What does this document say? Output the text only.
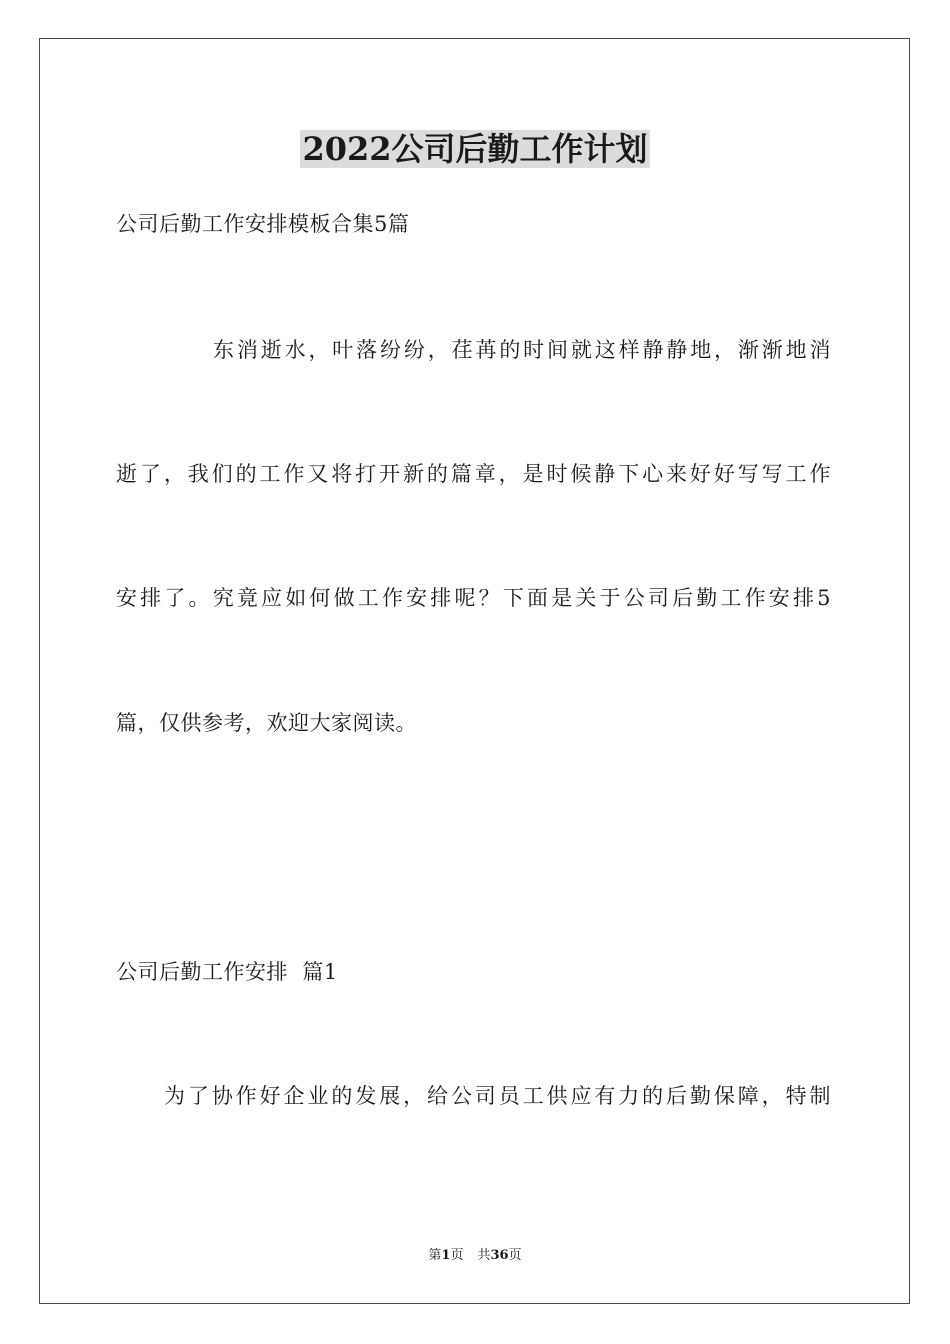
2022公司后勤工作计划
公司后勤工作安排模板合集5篇
东消逝水，叶落纷纷，荏苒的时间就这样静静地，渐渐地消
逝了，我们的工作又将打开新的篇章，是时候静下心来好好写写工作
安排了。究竟应如何做工作安排呢？下面是关于公司后勤工作安排5
篇，仅供参考，欢迎大家阅读。
公司后勤工作安排  篇1
为了协作好企业的发展，给公司员工供应有力的后勤保障，特制
第1页 共36页
